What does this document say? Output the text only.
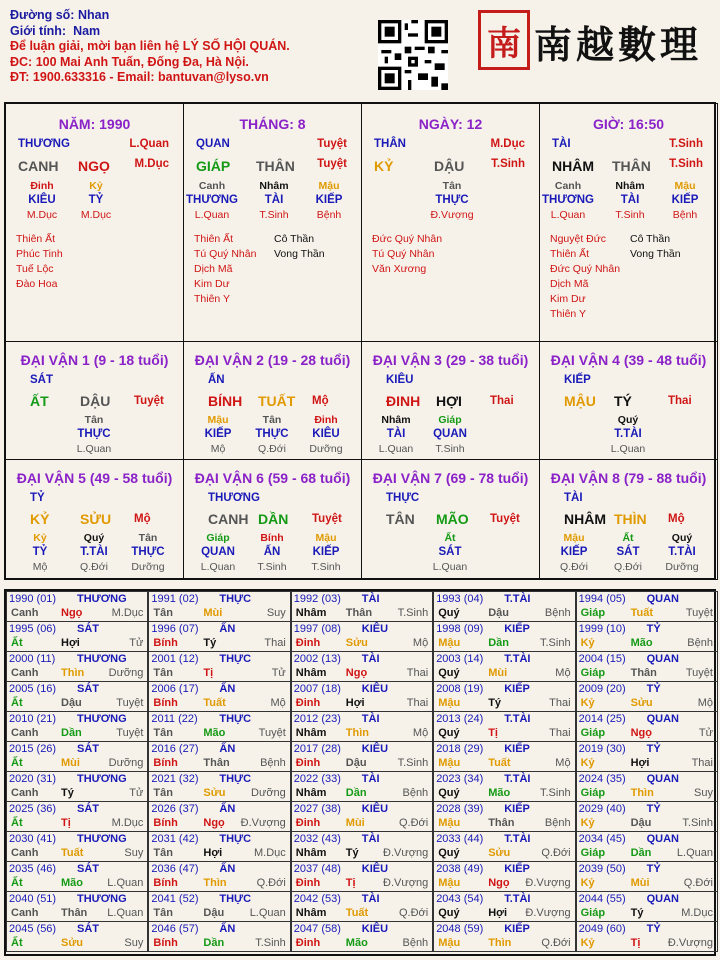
Đường số: Nhan
Giới tính: Nam
Để luận giải, mời bạn liên hệ LÝ SỐ HỘI QUÁN.
ĐC: 100 Mai Anh Tuấn, Đống Đa, Hà Nội.
ĐT: 1900.633316 - Email: bantuvan@lyso.vn
南 南越數理
NĂM: 1990
THƯƠNG	L.Quan
CANH NGỌ M.Dục
Đinh	Kỷ
KIÊU	TỶ
M.Dục M.Dục
Thiên Ất
Phúc Tinh
Tuế Lộc
Đào Hoa
THÁNG: 8
QUAN	Tuyệt
GIÁP THÂN Tuyệt
Canh	Nhâm	Mậu
THƯƠNG TÀI	KIẾP
L.Quan	T.Sinh	Bệnh
Thiên Ất
Tú Quý Nhân
Dịch Mã
Kim Dư
Thiên Y
Cô Thần
Vong Thần
NGÀY: 12
THÂN	M.Dục
KỶ	DẬU T.Sinh
Tân
THỰC
Đ.Vượng
Đức Quý Nhân
Tú Quý Nhân
Văn Xương
GIỜ: 16:50
TÀI	T.Sinh
NHÂM THÂN T.Sinh
Canh	Nhâm	Mậu
THƯƠNG TÀI	KIẾP
L.Quan	T.Sinh	Bệnh
Nguyệt Đức
Thiên Ất
Đức Quý Nhân
Dịch Mã
Kim Dư
Thiên Y
Cô Thần
Vong Thần
ĐẠI VẬN 1 (9 - 18 tuổi)
SÁT
ẤT DẬU Tuyệt
Tân
THỰC
L.Quan
ĐẠI VẬN 2 (19 - 28 tuổi)
ẤN
BÍNH TUẤT Mộ
Mậu	Tân	Đinh
KIẾP THỰC KIÊU
Mộ	Q.Đới Dưỡng
ĐẠI VẬN 3 (29 - 38 tuổi)
KIÊU
ĐINH HỢI Thai
Nhâm	Giáp
TÀI QUAN
L.Quan T.Sinh
ĐẠI VẬN 4 (39 - 48 tuổi)
KIẾP
MẬU TÝ	Thai
Quý
T.TÀI
L.Quan
ĐẠI VẬN 5 (49 - 58 tuổi)
TỶ
KỶ SỬU Mộ
Kỷ	Quý	Tân
TỶ	T.TÀI THỰC
Mộ	Q.Đới Dưỡng
ĐẠI VẬN 6 (59 - 68 tuổi)
THƯƠNG
CANH DẦN Tuyệt
Giáp	Bính	Mậu
QUAN	ẤN	KIẾP
L.Quan T.Sinh T.Sinh
ĐẠI VẬN 7 (69 - 78 tuổi)
THỰC
TÂN MÃO Tuyệt
Ất
SÁT
L.Quan
ĐẠI VẬN 8 (79 - 88 tuổi)
TÀI
NHÂM THÌN Mộ
Mậu	Ất	Quý
KIẾP	SÁT	T.TÀI
Q.Đới Q.Đới Dưỡng
1990 (01) THƯƠNG
Canh Ngọ	M.Dục
1991 (02) THỰC
Tân	Mùi	Suy
1992 (03) TÀI
Nhâm Thân T.Sinh
1993 (04) T.TÀI
Quý	Dậu	Bệnh
1994 (05) QUAN
Giáp Tuất	Tuyệt
1995 (06) SÁT
Ất	Hợi	Tử
1996 (07) ẤN
Bính Tý	Thai
1997 (08) KIÊU
Đinh Sửu	Mộ
1998 (09) KIẾP
Mậu	Dần	T.Sinh
1999 (10) TỶ
Kỷ	Mão	Bệnh
2000 (11) THƯƠNG
Canh Thìn Dưỡng
2001 (12) THỰC
Tân	Tị	Tử
2002 (13) TÀI
Nhâm Ngọ	Thai
2003 (14) T.TÀI
Quý	Mùi	Mộ
2004 (15) QUAN
Giáp Thân	Tuyệt
2005 (16) SÁT
Ất	Dậu	Tuyệt
2006 (17) ẤN
Bính Tuất	Mộ
2007 (18) KIÊU
Đinh Hợi	Thai
2008 (19) KIẾP
Mậu	Tý	Thai
2009 (20) TỶ
Kỷ	Sửu	Mộ
2010 (21) THƯƠNG
Canh Dần	Tuyệt
2011 (22) THỰC
Tân	Mão	Tuyệt
2012 (23) TÀI
Nhâm Thìn	Mộ
2013 (24) T.TÀI
Quý	Tị	Thai
2014 (25) QUAN
Giáp Ngọ	Tử
2015 (26) SÁT
Ất	Mùi	Dưỡng
2016 (27) ẤN
Bính Thân	Bệnh
2017 (28) KIÊU
Đinh Dậu	T.Sinh
2018 (29) KIẾP
Mậu	Tuất	Mộ
2019 (30) TỶ
Kỷ	Hợi	Thai
2020 (31) THƯƠNG
Canh Tý	Tử
2021 (32) THỰC
Tân	Sửu Dưỡng
2022 (33) TÀI
Nhâm Dần	Bệnh
2023 (34) T.TÀI
Quý	Mão	T.Sinh
2024 (35) QUAN
Giáp Thìn	Suy
2025 (36) SÁT
Ất	Tị	M.Dục
2026 (37) ẤN
Bính Ngọ Đ.Vượng
2027 (38) KIÊU
Đinh Mùi	Q.Đới
2028 (39) KIẾP
Mậu	Thân	Bệnh
2029 (40) TỶ
Kỷ	Dậu	T.Sinh
2030 (41) THƯƠNG
Canh Tuất	Suy
2031 (42) THỰC
Tân	Hợi	M.Dục
2032 (43) TÀI
Nhâm Tý Đ.Vượng
2033 (44) T.TÀI
Quý	Sửu	Q.Đới
2034 (45) QUAN
Giáp Dần L.Quan
2035 (46) SÁT
Ất	Mão L.Quan
2036 (47) ẤN
Bính Thìn	Q.Đới
2037 (48) KIÊU
Đinh Tị Đ.Vượng
2038 (49) KIẾP
Mậu	Ngọ Đ.Vượng
2039 (50) TỶ
Kỷ	Mùi	Q.Đới
2040 (51) THƯƠNG
Canh Thân L.Quan
2041 (52) THỰC
Tân	Dậu L.Quan
2042 (53) TÀI
Nhâm Tuất	Q.Đới
2043 (54) T.TÀI
Quý	Hợi Đ.Vượng
2044 (55) QUAN
Giáp Tý	M.Dục
2045 (56) SÁT
Ất	Sửu	Suy
2046 (57) ẤN
Bính Dần	T.Sinh
2047 (58) KIÊU
Đinh Mão	Bệnh
2048 (59) KIẾP
Mậu	Thìn	Q.Đới
2049 (60) TỶ
Kỷ	Tị Đ.Vượng
